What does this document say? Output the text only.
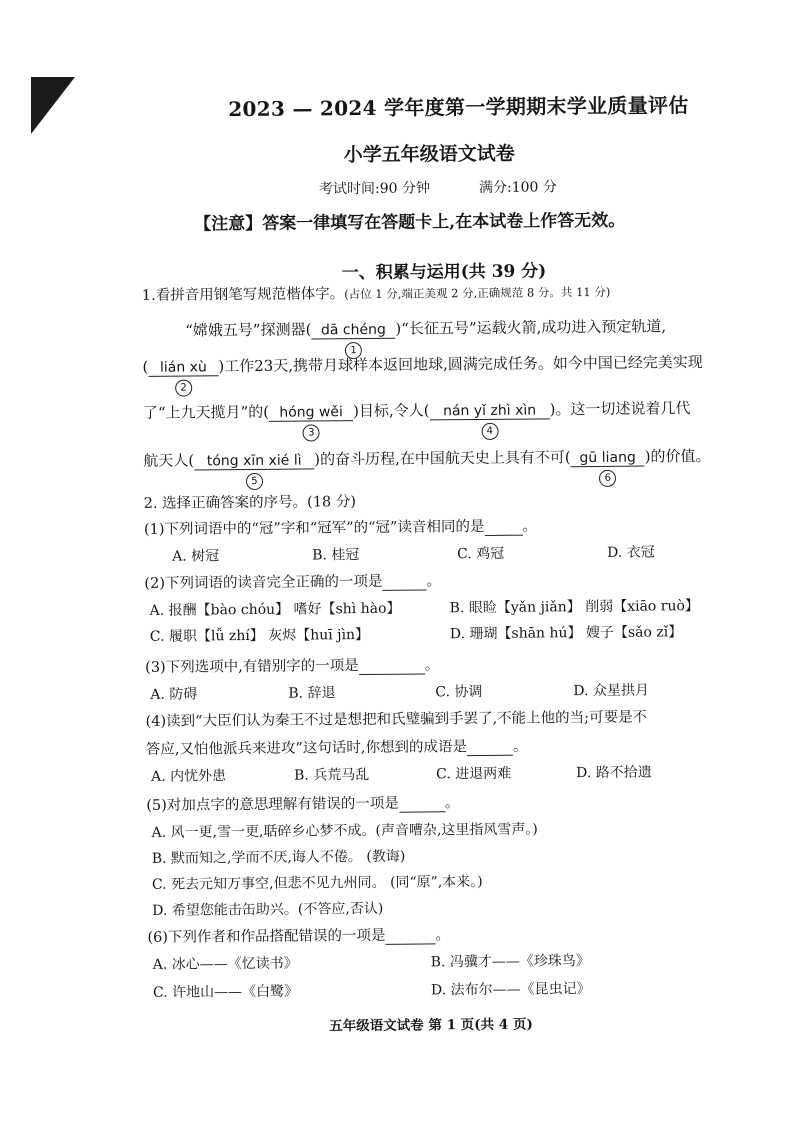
2023 — 2024 学年度第一学期期末学业质量评估
小学五年级语文试卷
考试时间:90 分钟	满分:100 分
【注意】答案一律填写在答题卡上,在本试卷上作答无效。
一、积累与运用(共 39 分)
1.看拼音用钢笔写规范楷体字。(占位 1 分,端正美观 2 分,正确规范 8 分。共 11 分)
“嫦娥五号”探测器( dā chéng
1
)“长征五号”运载火箭,成功进入预定轨道,
( lián xù
2
)工作23天,携带月球样本返回地球,圆满完成任务。如今中国已经完美实现
了“上九天揽月”的( hóng wěi
3
)目标,令人( nán yǐ zhì xìn
4
)。这一切述说着几代
航天人( tóng xīn xié lì
5
)的奋斗历程,在中国航天史上具有不可( gū liang
6
)的价值。
2. 选择正确答案的序号。(18 分)
(1)下列词语中的“冠”字和“冠军”的“冠”读音相同的是	。
A. 树冠	B. 桂冠	C. 鸡冠	D. 衣冠
(2)下列词语的读音完全正确的一项是	。
A. 报酬【bào chóu】 嗜好【shì hào】	B. 眼睑【yǎn jiǎn】 削弱【xiāo ruò】
C. 履职【lǚ zhí】 灰烬【huī jìn】	D. 珊瑚【shān hú】 嫂子【sǎo zǐ】
(3)下列选项中,有错别字的一项是	。
A. 防碍	B. 辞退	C. 协调	D. 众星拱月
(4)读到“大臣们认为秦王不过是想把和氏璧骗到手罢了,不能上他的当;可要是不
答应,又怕他派兵来进攻”这句话时,你想到的成语是	。
A. 内忧外患	B. 兵荒马乱	C. 进退两难	D. 路不拾遗
(5)对加点字的意思理解有错误的一项是	。
A. 风一更,雪一更,聒碎乡心梦不成。(声音嘈杂,这里指风雪声。)
B. 默而知之,学而不厌,诲人不倦。 (教诲)
C. 死去元知万事空,但悲不见九州同。 (同“原”,本来。)
D. 希望您能击缶助兴。(不答应,否认)
(6)下列作者和作品搭配错误的一项是	。
A. 冰心——《忆读书》	B. 冯骥才——《珍珠鸟》
C. 许地山——《白鹭》	D. 法布尔——《昆虫记》
五年级语文试卷 第 1 页(共 4 页)
